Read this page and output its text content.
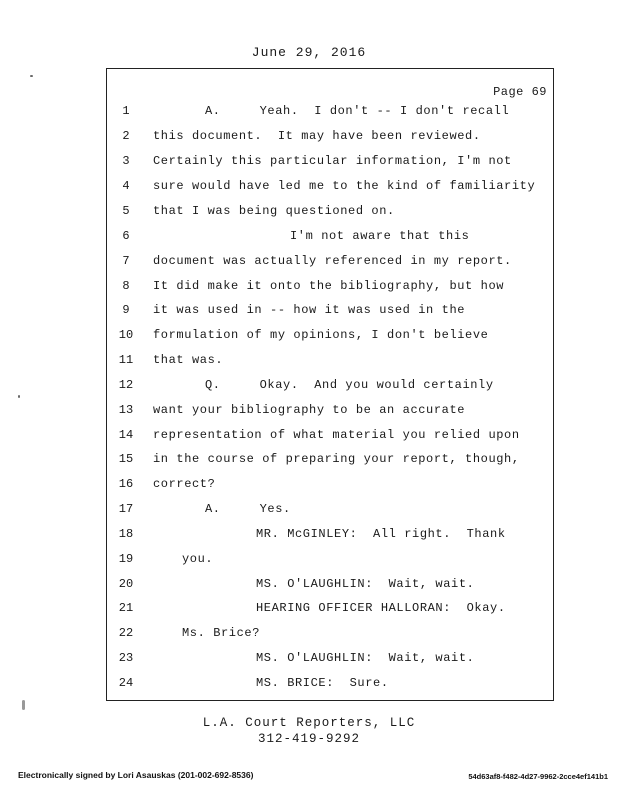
June 29, 2016
Page 69
1	A.     Yeah.  I don't -- I don't recall
2	this document.  It may have been reviewed.
3	Certainly this particular information, I'm not
4	sure would have led me to the kind of familiarity
5	that I was being questioned on.
6	I'm not aware that this
7	document was actually referenced in my report.
8	It did make it onto the bibliography, but how
9	it was used in -- how it was used in the
10	formulation of my opinions, I don't believe
11	that was.
12	Q.     Okay.  And you would certainly
13	want your bibliography to be an accurate
14	representation of what material you relied upon
15	in the course of preparing your report, though,
16	correct?
17	A.     Yes.
18	MR. McGINLEY:  All right.  Thank
19	you.
20	MS. O'LAUGHLIN:  Wait, wait.
21	HEARING OFFICER HALLORAN:  Okay.
22	Ms. Brice?
23	MS. O'LAUGHLIN:  Wait, wait.
24	MS. BRICE:  Sure.
L.A. Court Reporters, LLC
312-419-9292
Electronically signed by Lori Asauskas (201-002-692-8536)	54d63af8-f482-4d27-9962-2cce4ef141b1
